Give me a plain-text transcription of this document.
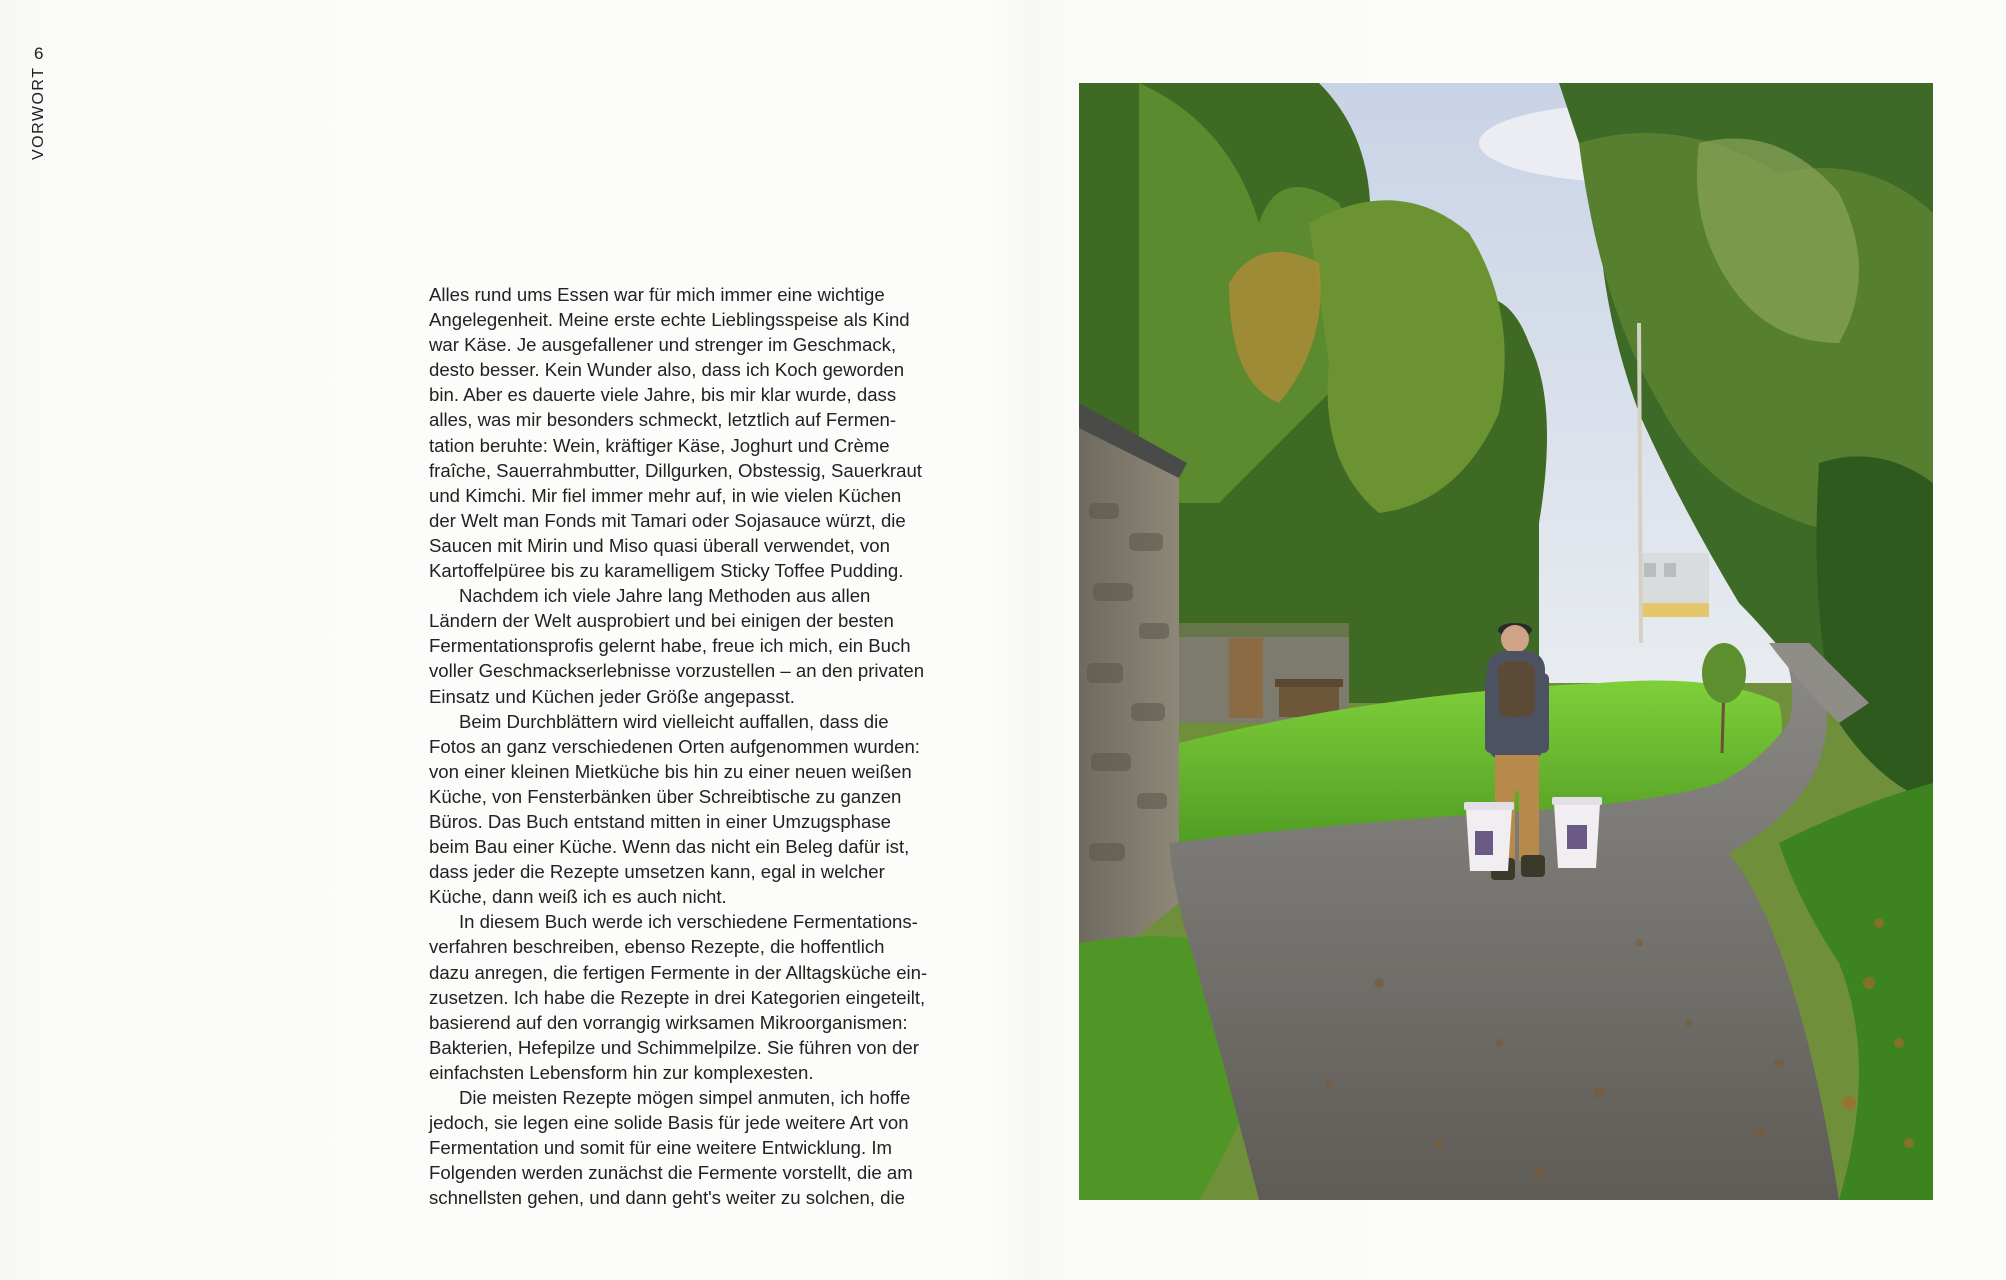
6
VORWORT
Alles rund ums Essen war für mich immer eine wichtige
Angelegenheit. Meine erste echte Lieblingsspeise als Kind
war Käse. Je ausgefallener und strenger im Geschmack,
desto besser. Kein Wunder also, dass ich Koch geworden
bin. Aber es dauerte viele Jahre, bis mir klar wurde, dass
alles, was mir besonders schmeckt, letztlich auf Fermen-
tation beruhte: Wein, kräftiger Käse, Joghurt und Crème
fraîche, Sauerrahmbutter, Dillgurken, Obstessig, Sauerkraut
und Kimchi. Mir fiel immer mehr auf, in wie vielen Küchen
der Welt man Fonds mit Tamari oder Sojasauce würzt, die
Saucen mit Mirin und Miso quasi überall verwendet, von
Kartoffelpüree bis zu karamelligem Sticky Toffee Pudding.
Nachdem ich viele Jahre lang Methoden aus allen
Ländern der Welt ausprobiert und bei einigen der besten
Fermentationsprofis gelernt habe, freue ich mich, ein Buch
voller Geschmackserlebnisse vorzustellen – an den privaten
Einsatz und Küchen jeder Größe angepasst.
Beim Durchblättern wird vielleicht auffallen, dass die
Fotos an ganz verschiedenen Orten aufgenommen wurden:
von einer kleinen Mietküche bis hin zu einer neuen weißen
Küche, von Fensterbänken über Schreibtische zu ganzen
Büros. Das Buch entstand mitten in einer Umzugsphase
beim Bau einer Küche. Wenn das nicht ein Beleg dafür ist,
dass jeder die Rezepte umsetzen kann, egal in welcher
Küche, dann weiß ich es auch nicht.
In diesem Buch werde ich verschiedene Fermentations-
verfahren beschreiben, ebenso Rezepte, die hoffentlich
dazu anregen, die fertigen Fermente in der Alltagsküche ein-
zusetzen. Ich habe die Rezepte in drei Kategorien eingeteilt,
basierend auf den vorrangig wirksamen Mikroorganismen:
Bakterien, Hefepilze und Schimmelpilze. Sie führen von der
einfachsten Lebensform hin zur komplexesten.
Die meisten Rezepte mögen simpel anmuten, ich hoffe
jedoch, sie legen eine solide Basis für jede weitere Art von
Fermentation und somit für eine weitere Entwicklung. Im
Folgenden werden zunächst die Fermente vorstellt, die am
schnellsten gehen, und dann geht's weiter zu solchen, die
